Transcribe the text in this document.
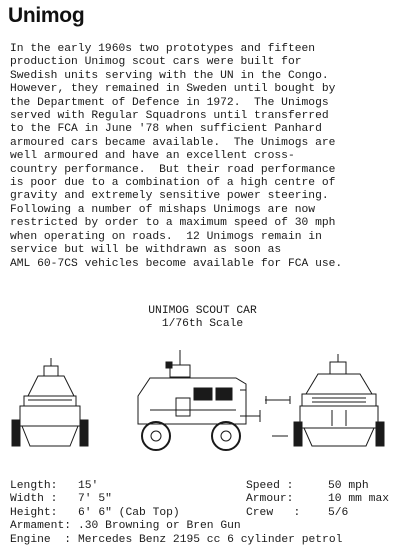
Unimog
In the early 1960s two prototypes and fifteen
production Unimog scout cars were built for
Swedish units serving with the UN in the Congo.
However, they remained in Sweden until bought by
the Department of Defence in 1972.  The Unimogs
served with Regular Squadrons until transferred
to the FCA in June '78 when sufficient Panhard
armoured cars became available.  The Unimogs are
well armoured and have an excellent cross-
country performance.  But their road performance
is poor due to a combination of a high centre of
gravity and extremely sensitive power steering.
Following a number of mishaps Unimogs are now
restricted by order to a maximum speed of 30 mph
when operating on roads.  12 Unimogs remain in
service but will be withdrawn as soon as
AML 60-7CS vehicles become available for FCA use.
UNIMOG SCOUT CAR
1/76th Scale
Length: 15'
Width : 7' 5"
Height: 6' 6" (Cab Top)
Armament: .30 Browning or Bren Gun
Engine  : Mercedes Benz 2195 cc 6 cylinder petrol
Speed :	50 mph
Armour:	10 mm max
Crew   : 5/6
